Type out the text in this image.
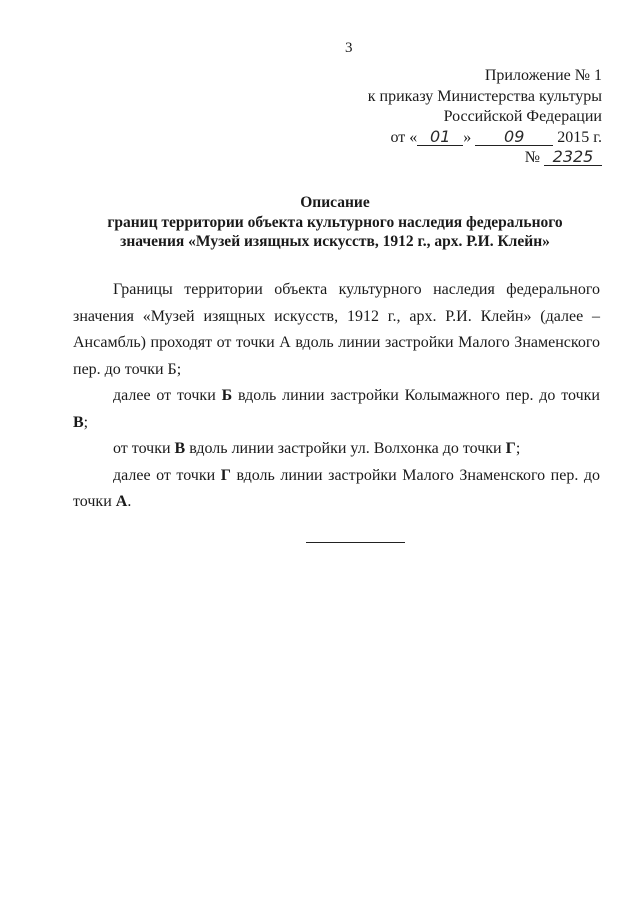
3
Приложение № 1
к приказу Министерства культуры
Российской Федерации
от « 01 » 09 2015 г.
№ 2325
Описание
границ территории объекта культурного наследия федерального
значения «Музей изящных искусств, 1912 г., арх. Р.И. Клейн»

Границы территории объекта культурного наследия федерального значения «Музей изящных искусств, 1912 г., арх. Р.И. Клейн» (далее – Ансамбль) проходят от точки А вдоль линии застройки Малого Знаменского пер. до точки Б;

далее от точки Б вдоль линии застройки Колымажного пер. до точки В;

от точки В вдоль линии застройки ул. Волхонка до точки Г;

далее от точки Г вдоль линии застройки Малого Знаменского пер. до точки А.
